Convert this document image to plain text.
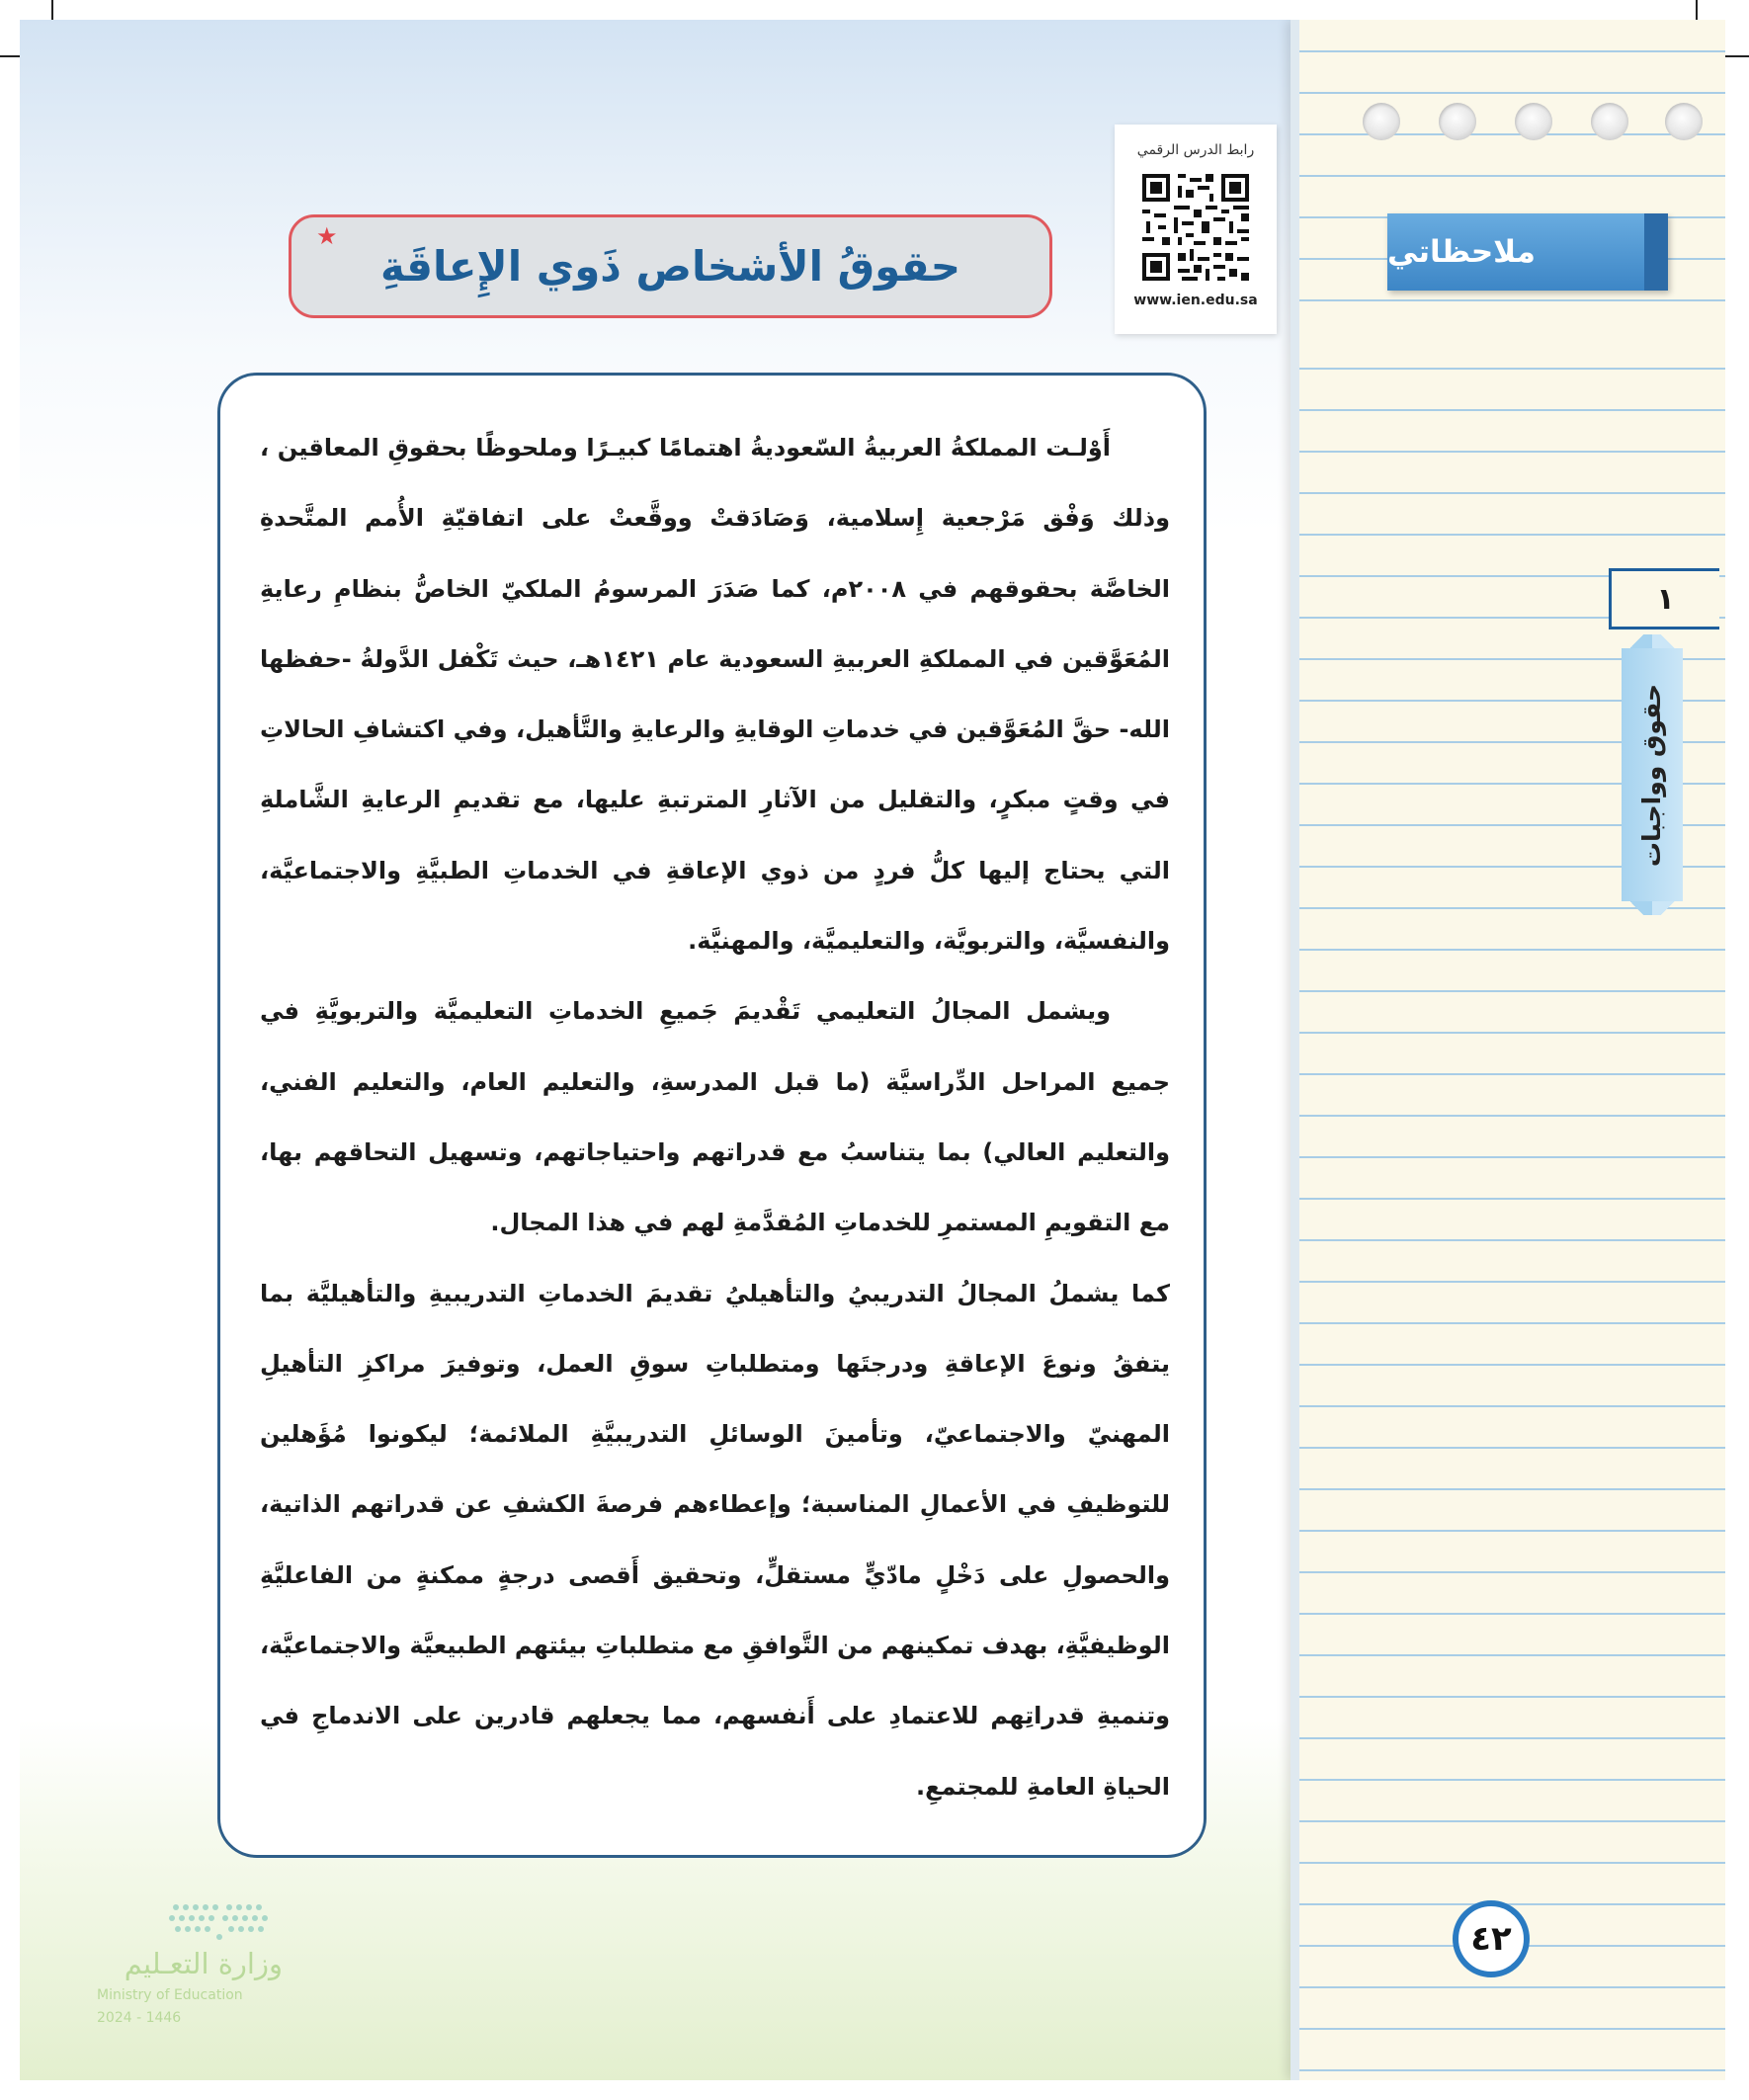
رابط الدرس الرقمي
www.ien.edu.sa
حقوقُ الأشخاص ذَوي الإِعاقَةِ
★

أَوْلـت المملكةُ العربيةُ السّعوديةُ اهتمامًا كبيـرًا وملحوظًا بحقوقِ المعاقين ، وذلك وَفْق مَرْجعية إِسلامية، وَصَادَقتْ ووقَّعتْ على اتفاقيّةِ الأُمم المتَّحدةِ الخاصَّة بحقوقهم في ٢٠٠٨م، كما صَدَرَ المرسومُ الملكيّ الخاصُّ بنظامِ رعايةِ المُعَوَّقين في المملكةِ العربيةِ السعودية عام ١٤٢١هـ، حيث تَكْفل الدَّولةُ -حفظها الله- حقَّ المُعَوَّقين في خدماتِ الوقايةِ والرعايةِ والتَّأهيل، وفي اكتشافِ الحالاتِ في وقتٍ مبكرٍ، والتقليل من الآثارِ المترتبةِ عليها، مع تقديمِ الرعايةِ الشَّاملةِ التي يحتاج إليها كلُّ فردٍ من ذوي الإعاقةِ في الخدماتِ الطبيَّةِ والاجتماعيَّة، والنفسيَّة، والتربويَّة، والتعليميَّة، والمهنيَّة.

ويشمل المجالُ التعليمي تَقْديمَ جَميعِ الخدماتِ التعليميَّة والتربويَّةِ في جميع المراحل الدِّراسيَّة (ما قبل المدرسةِ، والتعليم العام، والتعليم الفني، والتعليم العالي) بما يتناسبُ مع قدراتهم واحتياجاتهم، وتسهيل التحاقهم بها، مع التقويمِ المستمرِ للخدماتِ المُقدَّمةِ لهم في هذا المجال.

كما يشملُ المجالُ التدريبيُ والتأهيليُ تقديمَ الخدماتِ التدريبيةِ والتأهيليَّة بما يتفقُ ونوعَ الإعاقةِ ودرجتَها ومتطلباتِ سوقِ العمل، وتوفيرَ مراكزِ التأهيلِ المهنيّ والاجتماعيّ، وتأمينَ الوسائلِ التدريبيَّةِ الملائمة؛ ليكونوا مُؤَهلين للتوظيفِ في الأعمالِ المناسبة؛ وإعطاءهم فرصةَ الكشفِ عن قدراتهم الذاتية، والحصولِ على دَخْلٍ مادّيٍّ مستقلٍّ، وتحقيق أَقصى درجةٍ ممكنةٍ من الفاعليَّةِ الوظيفيَّةِ، بهدف تمكينهم من التَّوافقِ مع متطلباتِ بيئتهم الطبيعيَّة والاجتماعيَّة، وتنميةِ قدراتِهم للاعتمادِ على أَنفسهم، مما يجعلهم قادرين على الاندماجِ في الحياةِ العامةِ للمجتمعِ.

ملاحظاتي
١
حقوق وواجبات
٤٢
وزارة التعـليم
Ministry of Education
2024 - 1446
